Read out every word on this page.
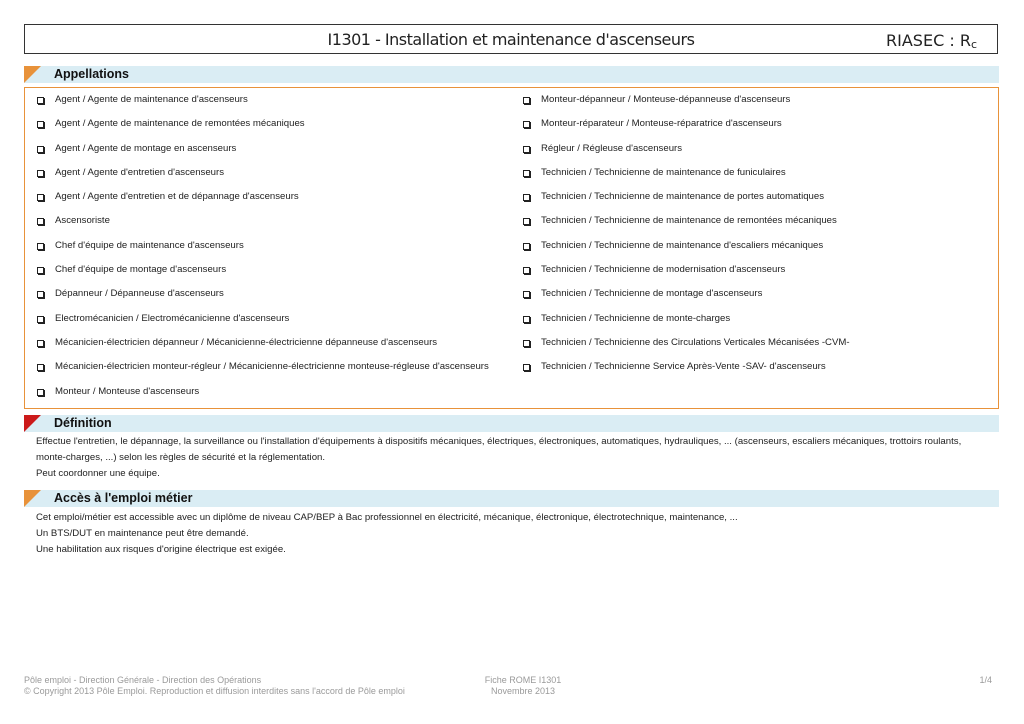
I1301 - Installation et maintenance d'ascenseurs	RIASEC : Rc
Appellations
Agent / Agente de maintenance d'ascenseurs
Agent / Agente de maintenance de remontées mécaniques
Agent / Agente de montage en ascenseurs
Agent / Agente d'entretien d'ascenseurs
Agent / Agente d'entretien et de dépannage d'ascenseurs
Ascensoriste
Chef d'équipe de maintenance d'ascenseurs
Chef d'équipe de montage d'ascenseurs
Dépanneur / Dépanneuse d'ascenseurs
Electromécanicien / Electromécanicienne d'ascenseurs
Mécanicien-électricien dépanneur / Mécanicienne-électricienne dépanneuse d'ascenseurs
Mécanicien-électricien monteur-régleur / Mécanicienne-électricienne monteuse-régleuse d'ascenseurs
Monteur / Monteuse d'ascenseurs
Monteur-dépanneur / Monteuse-dépanneuse d'ascenseurs
Monteur-réparateur / Monteuse-réparatrice d'ascenseurs
Régleur / Régleuse d'ascenseurs
Technicien / Technicienne de maintenance de funiculaires
Technicien / Technicienne de maintenance de portes automatiques
Technicien / Technicienne de maintenance de remontées mécaniques
Technicien / Technicienne de maintenance d'escaliers mécaniques
Technicien / Technicienne de modernisation d'ascenseurs
Technicien / Technicienne de montage d'ascenseurs
Technicien / Technicienne de monte-charges
Technicien / Technicienne des Circulations Verticales Mécanisées -CVM-
Technicien / Technicienne Service Après-Vente -SAV- d'ascenseurs
Définition
Effectue l'entretien, le dépannage, la surveillance ou l'installation d'équipements à dispositifs mécaniques, électriques, électroniques, automatiques, hydrauliques, ... (ascenseurs, escaliers mécaniques, trottoirs roulants,
monte-charges, ...) selon les règles de sécurité et la réglementation.
Peut coordonner une équipe.
Accès à l'emploi métier
Cet emploi/métier est accessible avec un diplôme de niveau CAP/BEP à Bac professionnel en électricité, mécanique, électronique, électrotechnique, maintenance, ...
Un BTS/DUT en maintenance peut être demandé.
Une habilitation aux risques d'origine électrique est exigée.
Pôle emploi - Direction Générale - Direction des Opérations
© Copyright 2013 Pôle Emploi. Reproduction et diffusion interdites sans l'accord de Pôle emploi
Fiche ROME I1301
Novembre 2013
1/4
